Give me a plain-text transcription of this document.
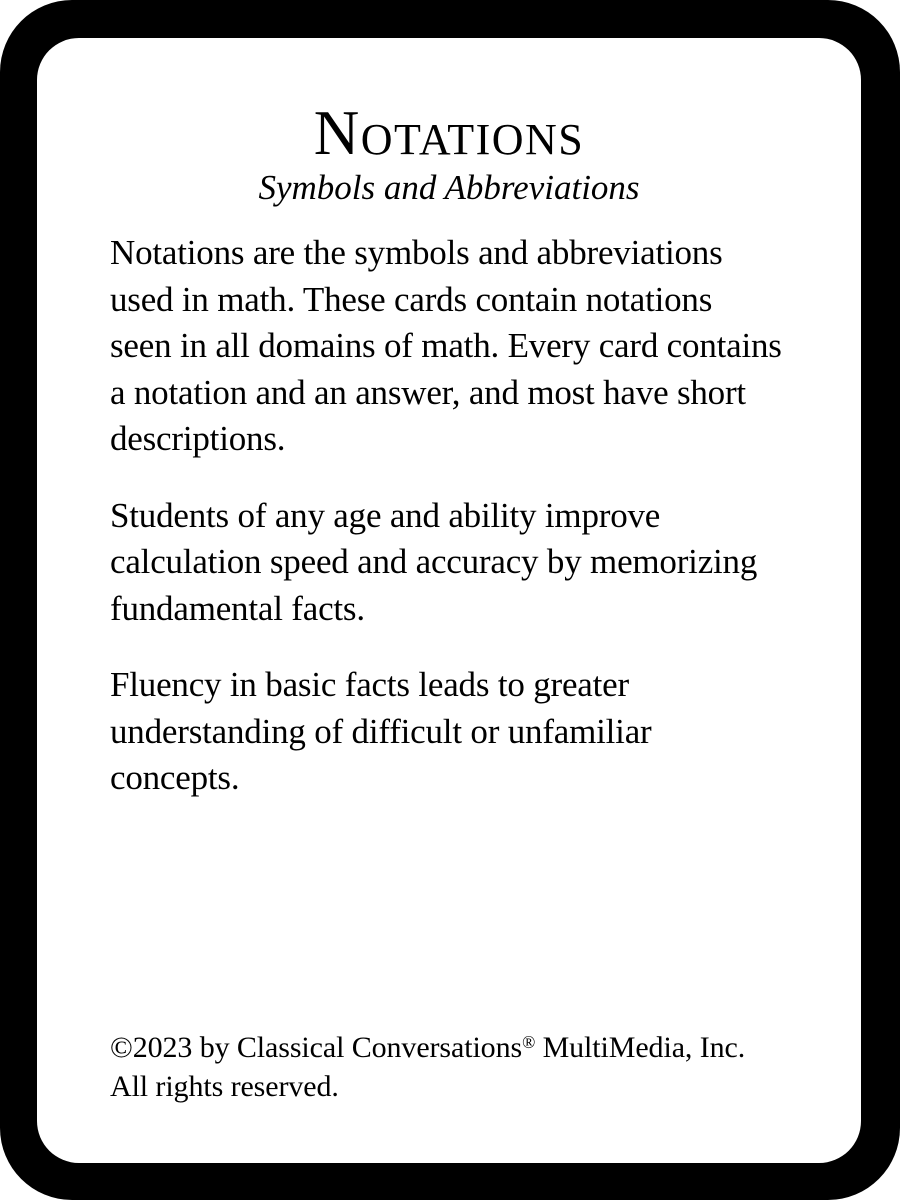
Notations
Symbols and Abbreviations

Notations are the symbols and abbreviations used in math. These cards contain notations seen in all domains of math. Every card contains a notation and an answer, and most have short descriptions.

Students of any age and ability improve calculation speed and accuracy by memorizing fundamental facts.

Fluency in basic facts leads to greater understanding of difficult or unfamiliar concepts.

©2023 by Classical Conversations® MultiMedia, Inc.
All rights reserved.
